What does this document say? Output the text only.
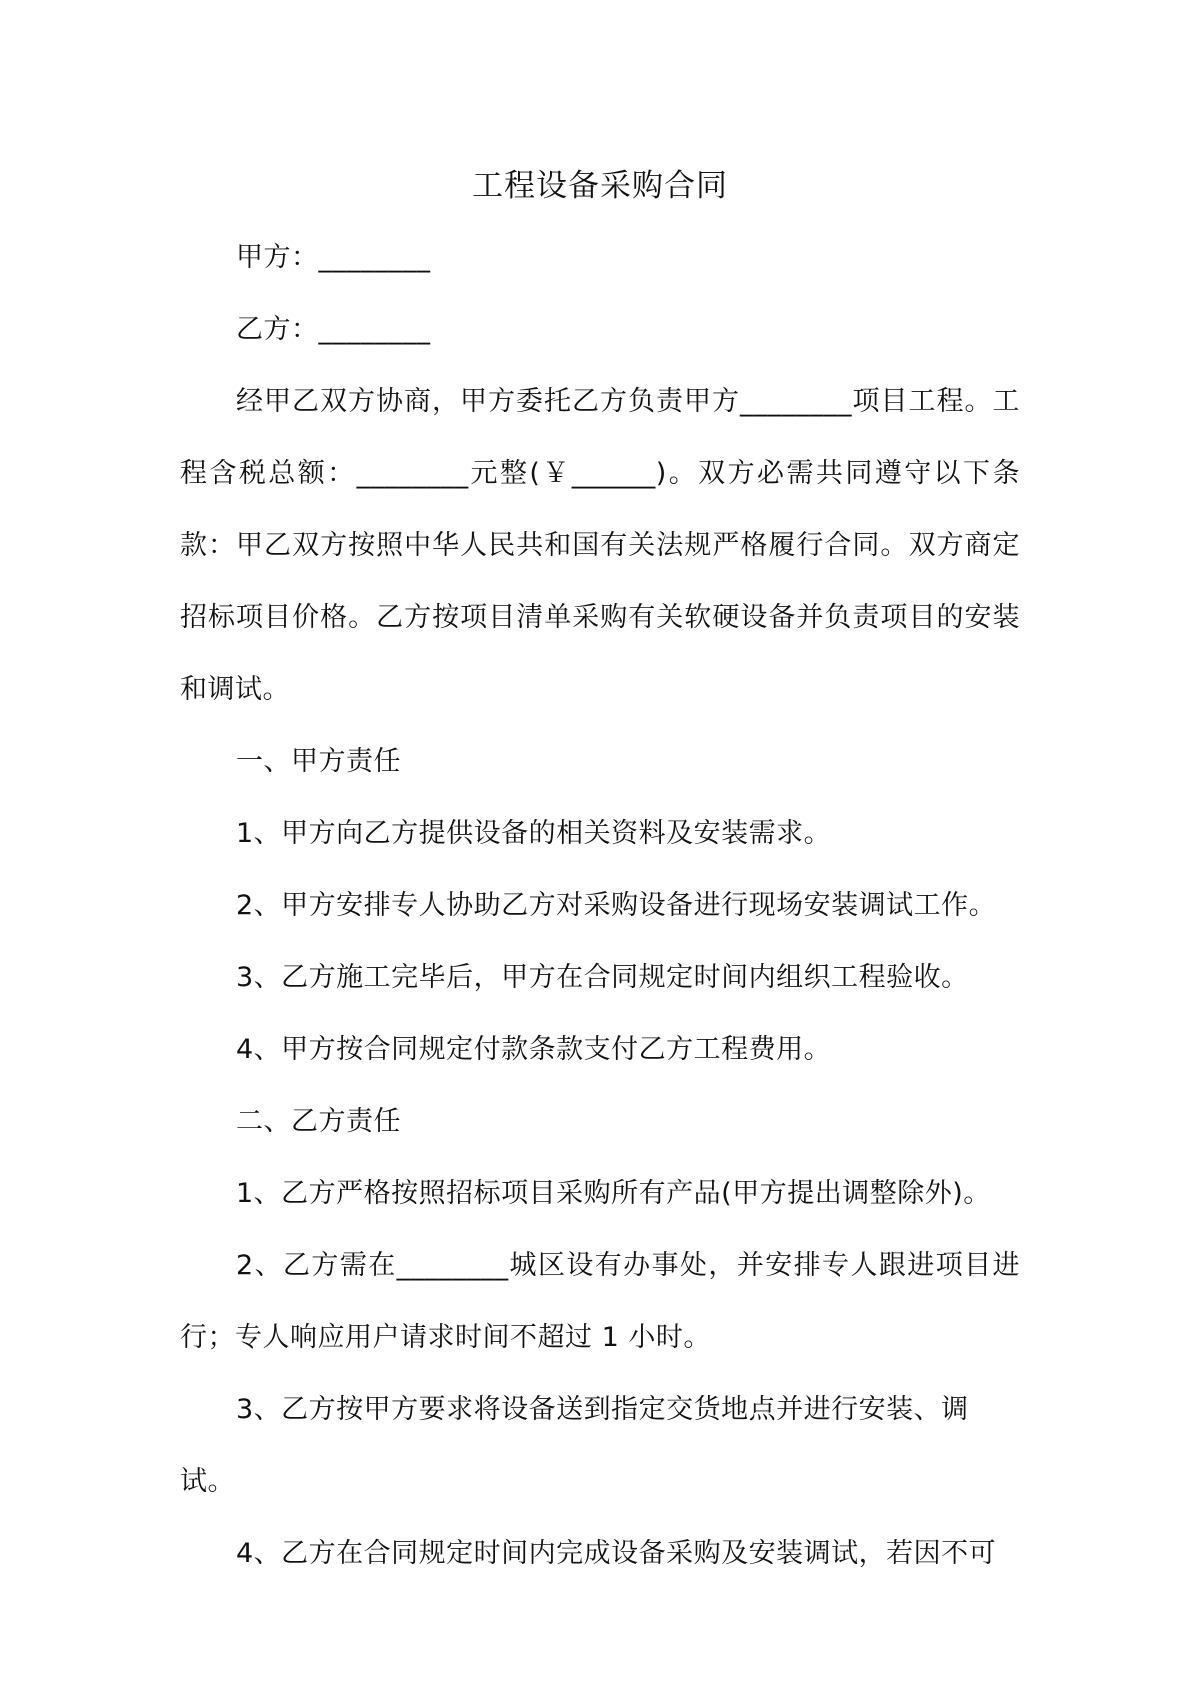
工程设备采购合同

甲方：________

乙方：________

经甲乙双方协商，甲方委托乙方负责甲方________项目工程。工程含税总额：________元整(￥______)。双方必需共同遵守以下条款：甲乙双方按照中华人民共和国有关法规严格履行合同。双方商定招标项目价格。乙方按项目清单采购有关软硬设备并负责项目的安装和调试。

一、甲方责任

1、甲方向乙方提供设备的相关资料及安装需求。

2、甲方安排专人协助乙方对采购设备进行现场安装调试工作。

3、乙方施工完毕后，甲方在合同规定时间内组织工程验收。

4、甲方按合同规定付款条款支付乙方工程费用。

二、乙方责任

1、乙方严格按照招标项目采购所有产品(甲方提出调整除外)。

2、乙方需在________城区设有办事处，并安排专人跟进项目进行；专人响应用户请求时间不超过 1 小时。

3、乙方按甲方要求将设备送到指定交货地点并进行安装、调试。

4、乙方在合同规定时间内完成设备采购及安装调试，若因不可
